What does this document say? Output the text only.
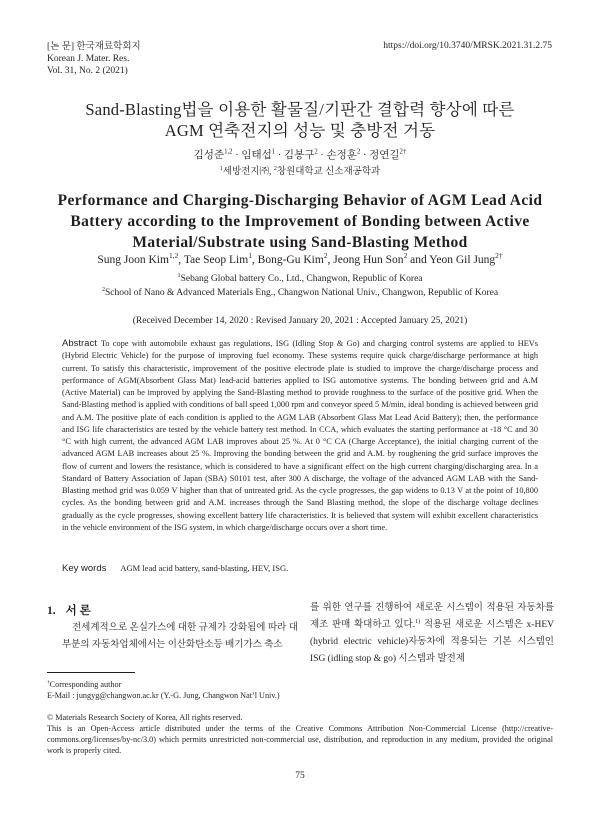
[논 문] 한국재료학회지
Korean J. Mater. Res.
Vol. 31, No. 2 (2021)
https://doi.org/10.3740/MRSK.2021.31.2.75
Sand-Blasting법을 이용한 활물질/기판간 결합력 향상에 따른
AGM 연축전지의 성능 및 충방전 거동
김성준$^{1,2}$ · 임태섭$^1$ · 김봉구$^2$ · 손정훈$^2$ · 정연길$^{2\dagger}$
$^1$세방전지㈜, $^2$창원대학교 신소재공학과
Performance and Charging-Discharging Behavior of AGM Lead Acid
Battery according to the Improvement of Bonding between Active
Material/Substrate using Sand-Blasting Method
Sung Joon Kim$^{1,2}$, Tae Seop Lim$^1$, Bong-Gu Kim$^2$, Jeong Hun Son$^2$ and Yeon Gil Jung$^{2\dagger}$
$^1$Sebang Global battery Co., Ltd., Changwon, Republic of Korea
$^2$School of Nano & Advanced Materials Eng., Changwon National Univ., Changwon, Republic of Korea
(Received December 14, 2020 : Revised January 20, 2021 : Accepted January 25, 2021)
Abstract To cope with automobile exhaust gas regulations, ISG (Idling Stop & Go) and charging control systems are applied to HEVs (Hybrid Electric Vehicle) for the purpose of improving fuel economy. These systems require quick charge/discharge performance at high current. To satisfy this characteristic, improvement of the positive electrode plate is studied to improve the charge/discharge process and performance of AGM(Absorbent Glass Mat) lead-acid batteries applied to ISG automotive systems. The bonding between grid and A.M (Active Material) can be improved by applying the Sand-Blasting method to provide roughness to the surface of the positive grid. When the Sand-Blasting method is applied with conditions of ball speed 1,000 rpm and conveyor speed 5 M/min, ideal bonding is achieved between grid and A.M. The positive plate of each condition is applied to the AGM LAB (Absorbent Glass Mat Lead Acid Battery); then, the performance and ISG life characteristics are tested by the vehicle battery test method. In CCA, which evaluates the starting performance at -18 °C and 30 °C with high current, the advanced AGM LAB improves about 25 %. At 0 °C CA (Charge Acceptance), the initial charging current of the advanced AGM LAB increases about 25 %. Improving the bonding between the grid and A.M. by roughening the grid surface improves the flow of current and lowers the resistance, which is considered to have a significant effect on the high current charging/discharging area. In a Standard of Battery Association of Japan (SBA) S0101 test, after 300 A discharge, the voltage of the advanced AGM LAB with the Sand-Blasting method grid was 0.059 V higher than that of untreated grid. As the cycle progresses, the gap widens to 0.13 V at the point of 10,800 cycles. As the bonding between grid and A.M. increases through the Sand Blasting method, the slope of the discharge voltage declines gradually as the cycle progresses, showing excellent battery life characteristics. It is believed that system will exhibit excellent characteristics in the vehicle environment of the ISG system, in which charge/discharge occurs over a short time.
Key words AGM lead acid battery, sand-blasting, HEV, ISG.
1. 서 론
전세계적으로 온실가스에 대한 규제가 강화됨에 따라 대부분의 자동차업체에서는 이산화탄소등 배기가스 축소
를 위한 연구를 진행하여 새로운 시스템이 적용된 자동차를 제조 판매 확대하고 있다.$^{1)}$ 적용된 새로운 시스템은 x-HEV (hybrid electric vehicle)자동차에 적용되는 기본 시스템인 ISG (idling stop & go) 시스템과 발전제
†Corresponding author
E-Mail : jungyg@changwon.ac.kr (Y.-G. Jung, Changwon Nat’l Univ.)
© Materials Research Society of Korea, All rights reserved.
This is an Open-Access article distributed under the terms of the Creative Commons Attribution Non-Commercial License (http://creative-commons.org/licenses/by-nc/3.0) which permits unrestricted non-commercial use, distribution, and reproduction in any medium, provided the original work is properly cited.
75
